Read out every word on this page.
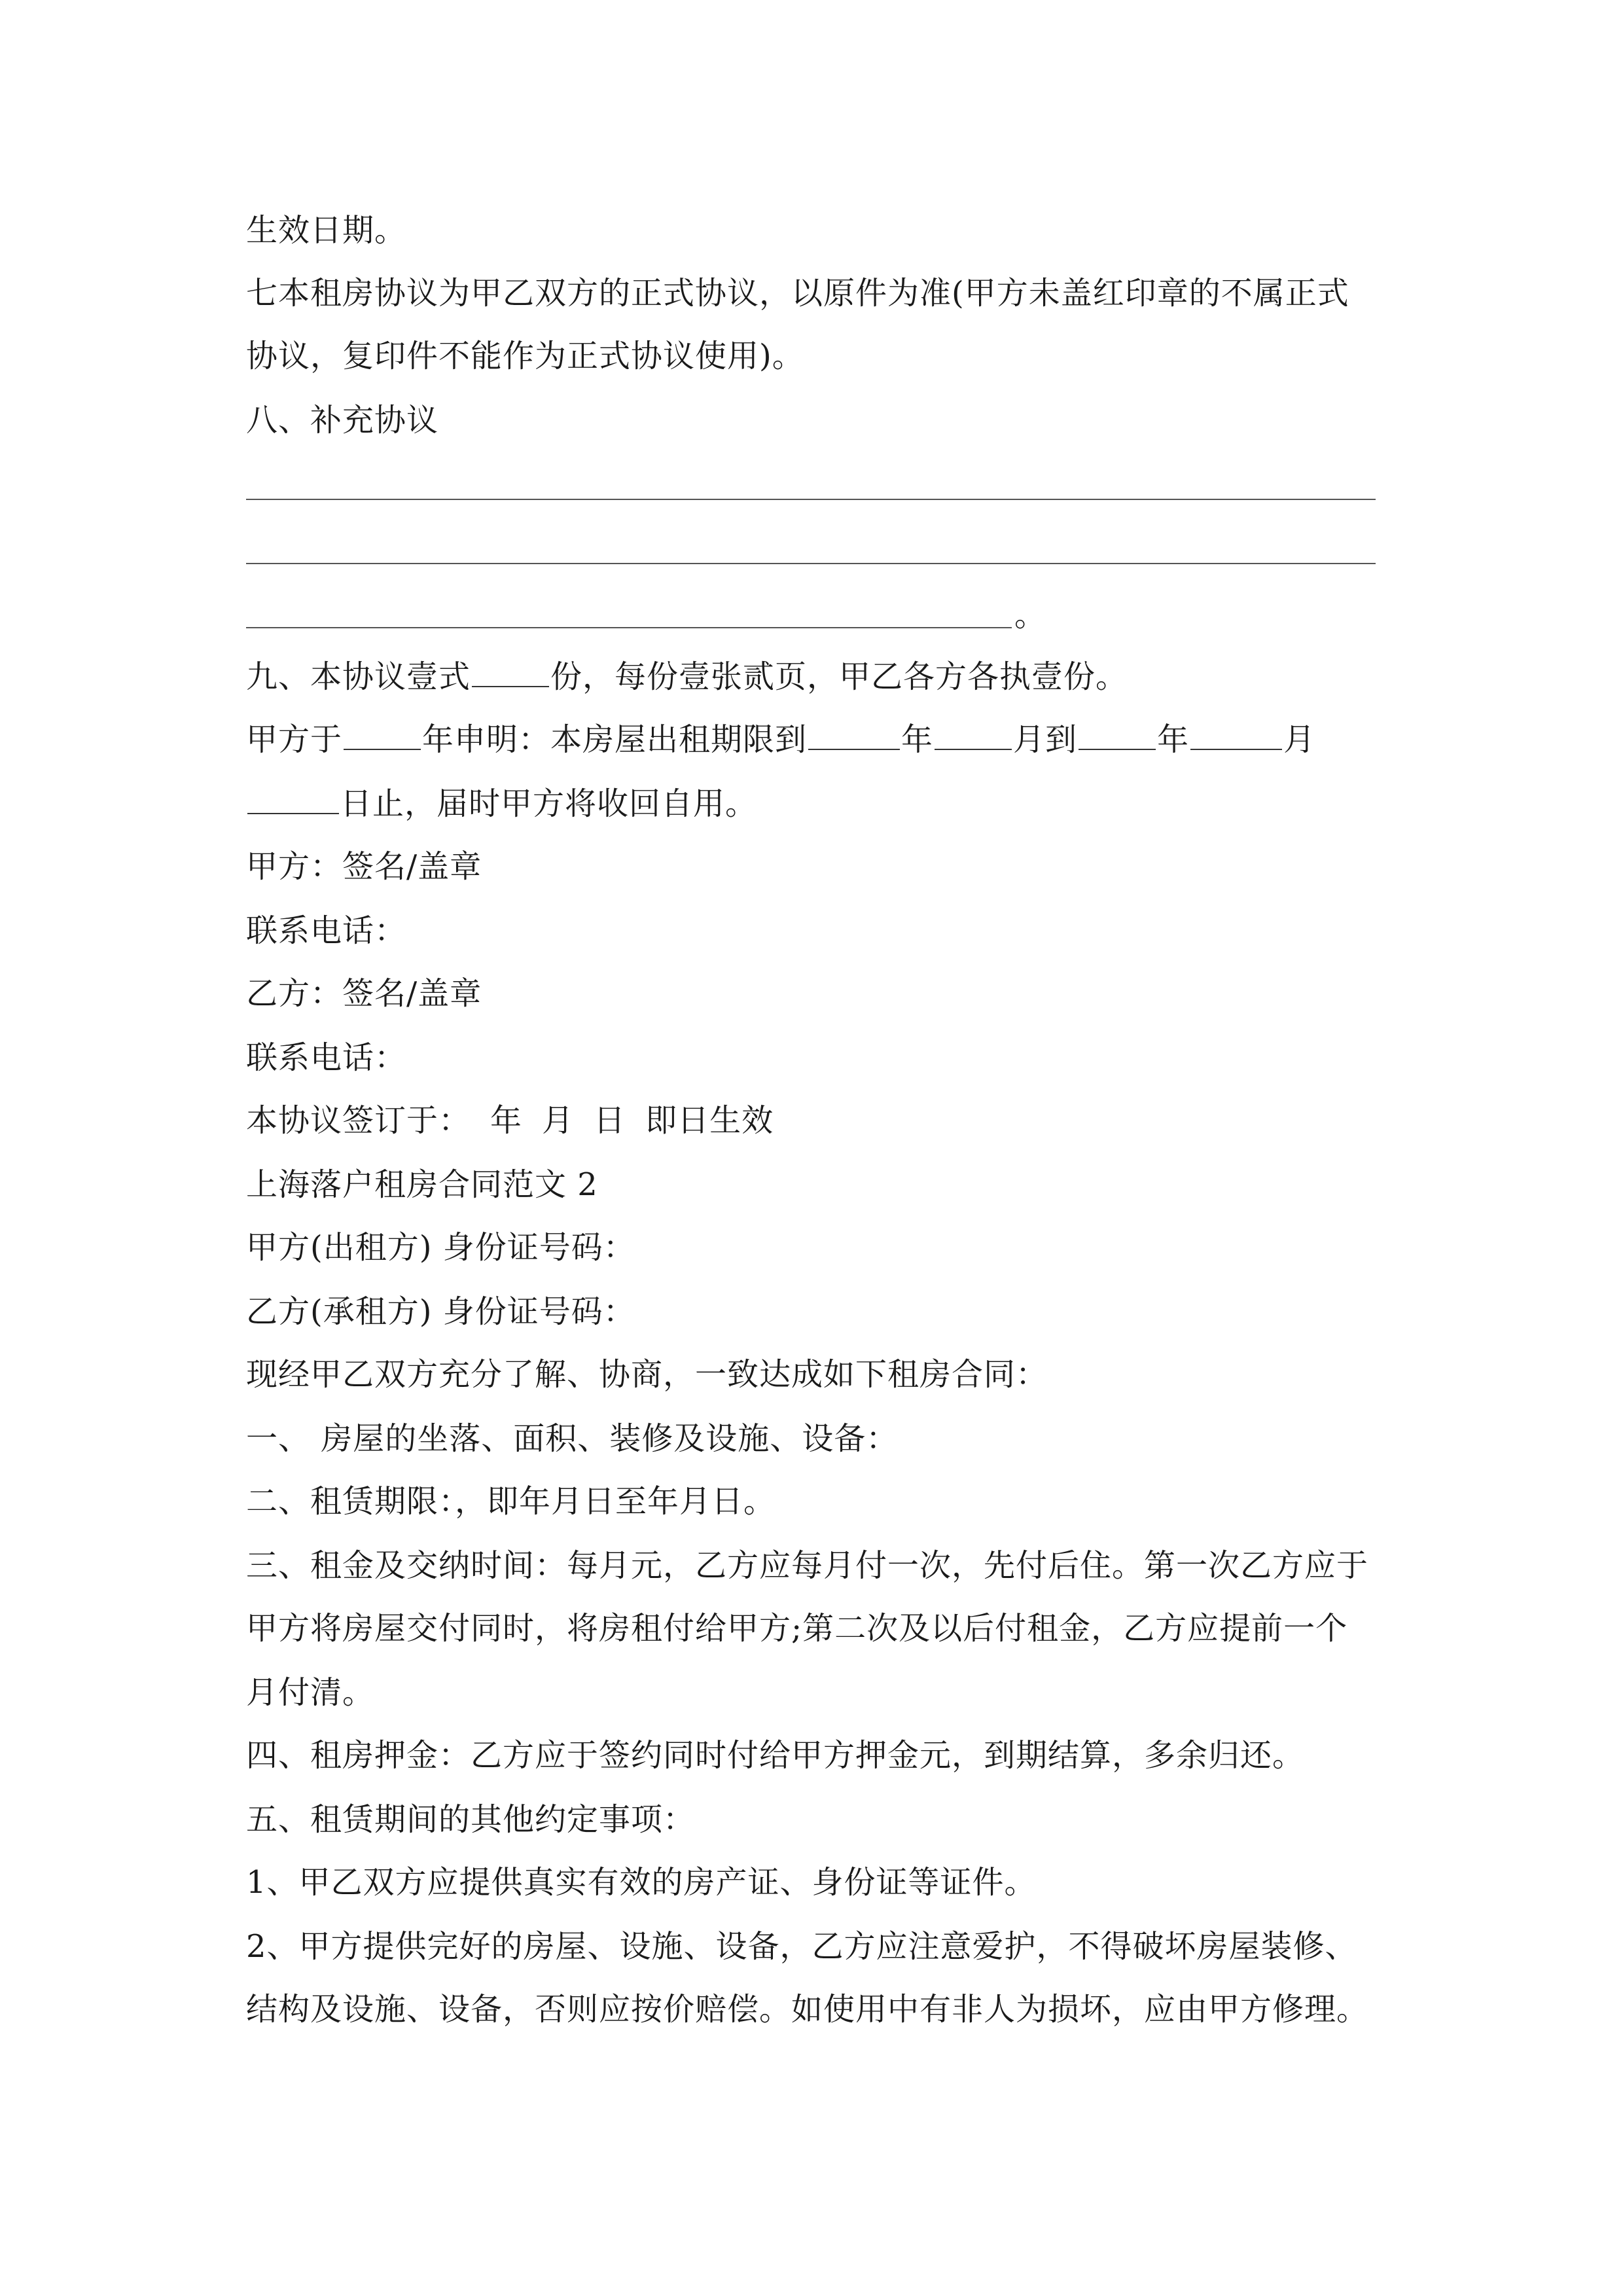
生效日期。
七本租房协议为甲乙双方的正式协议，以原件为准(甲方未盖红印章的不属正式
协议，复印件不能作为正式协议使用)。
八、补充协议
。
九、本协议壹式	份，每份壹张贰页，甲乙各方各执壹份。
甲方于	年申明：本房屋出租期限到	年	月到	年	月
日止，届时甲方将收回自用。
甲方：签名/盖章
联系电话：
乙方：签名/盖章
联系电话：
本协议签订于： 年 月 日 即日生效
上海落户租房合同范文 2
甲方(出租方) 身份证号码：
乙方(承租方) 身份证号码：
现经甲乙双方充分了解、协商，一致达成如下租房合同：
一、 房屋的坐落、面积、装修及设施、设备：
二、租赁期限：，即年月日至年月日。
三、租金及交纳时间：每月元，乙方应每月付一次，先付后住。第一次乙方应于
甲方将房屋交付同时，将房租付给甲方;第二次及以后付租金，乙方应提前一个
月付清。
四、租房押金：乙方应于签约同时付给甲方押金元，到期结算，多余归还。
五、租赁期间的其他约定事项：
1、甲乙双方应提供真实有效的房产证、身份证等证件。
2、甲方提供完好的房屋、设施、设备，乙方应注意爱护，不得破坏房屋装修、
结构及设施、设备，否则应按价赔偿。如使用中有非人为损坏，应由甲方修理。
